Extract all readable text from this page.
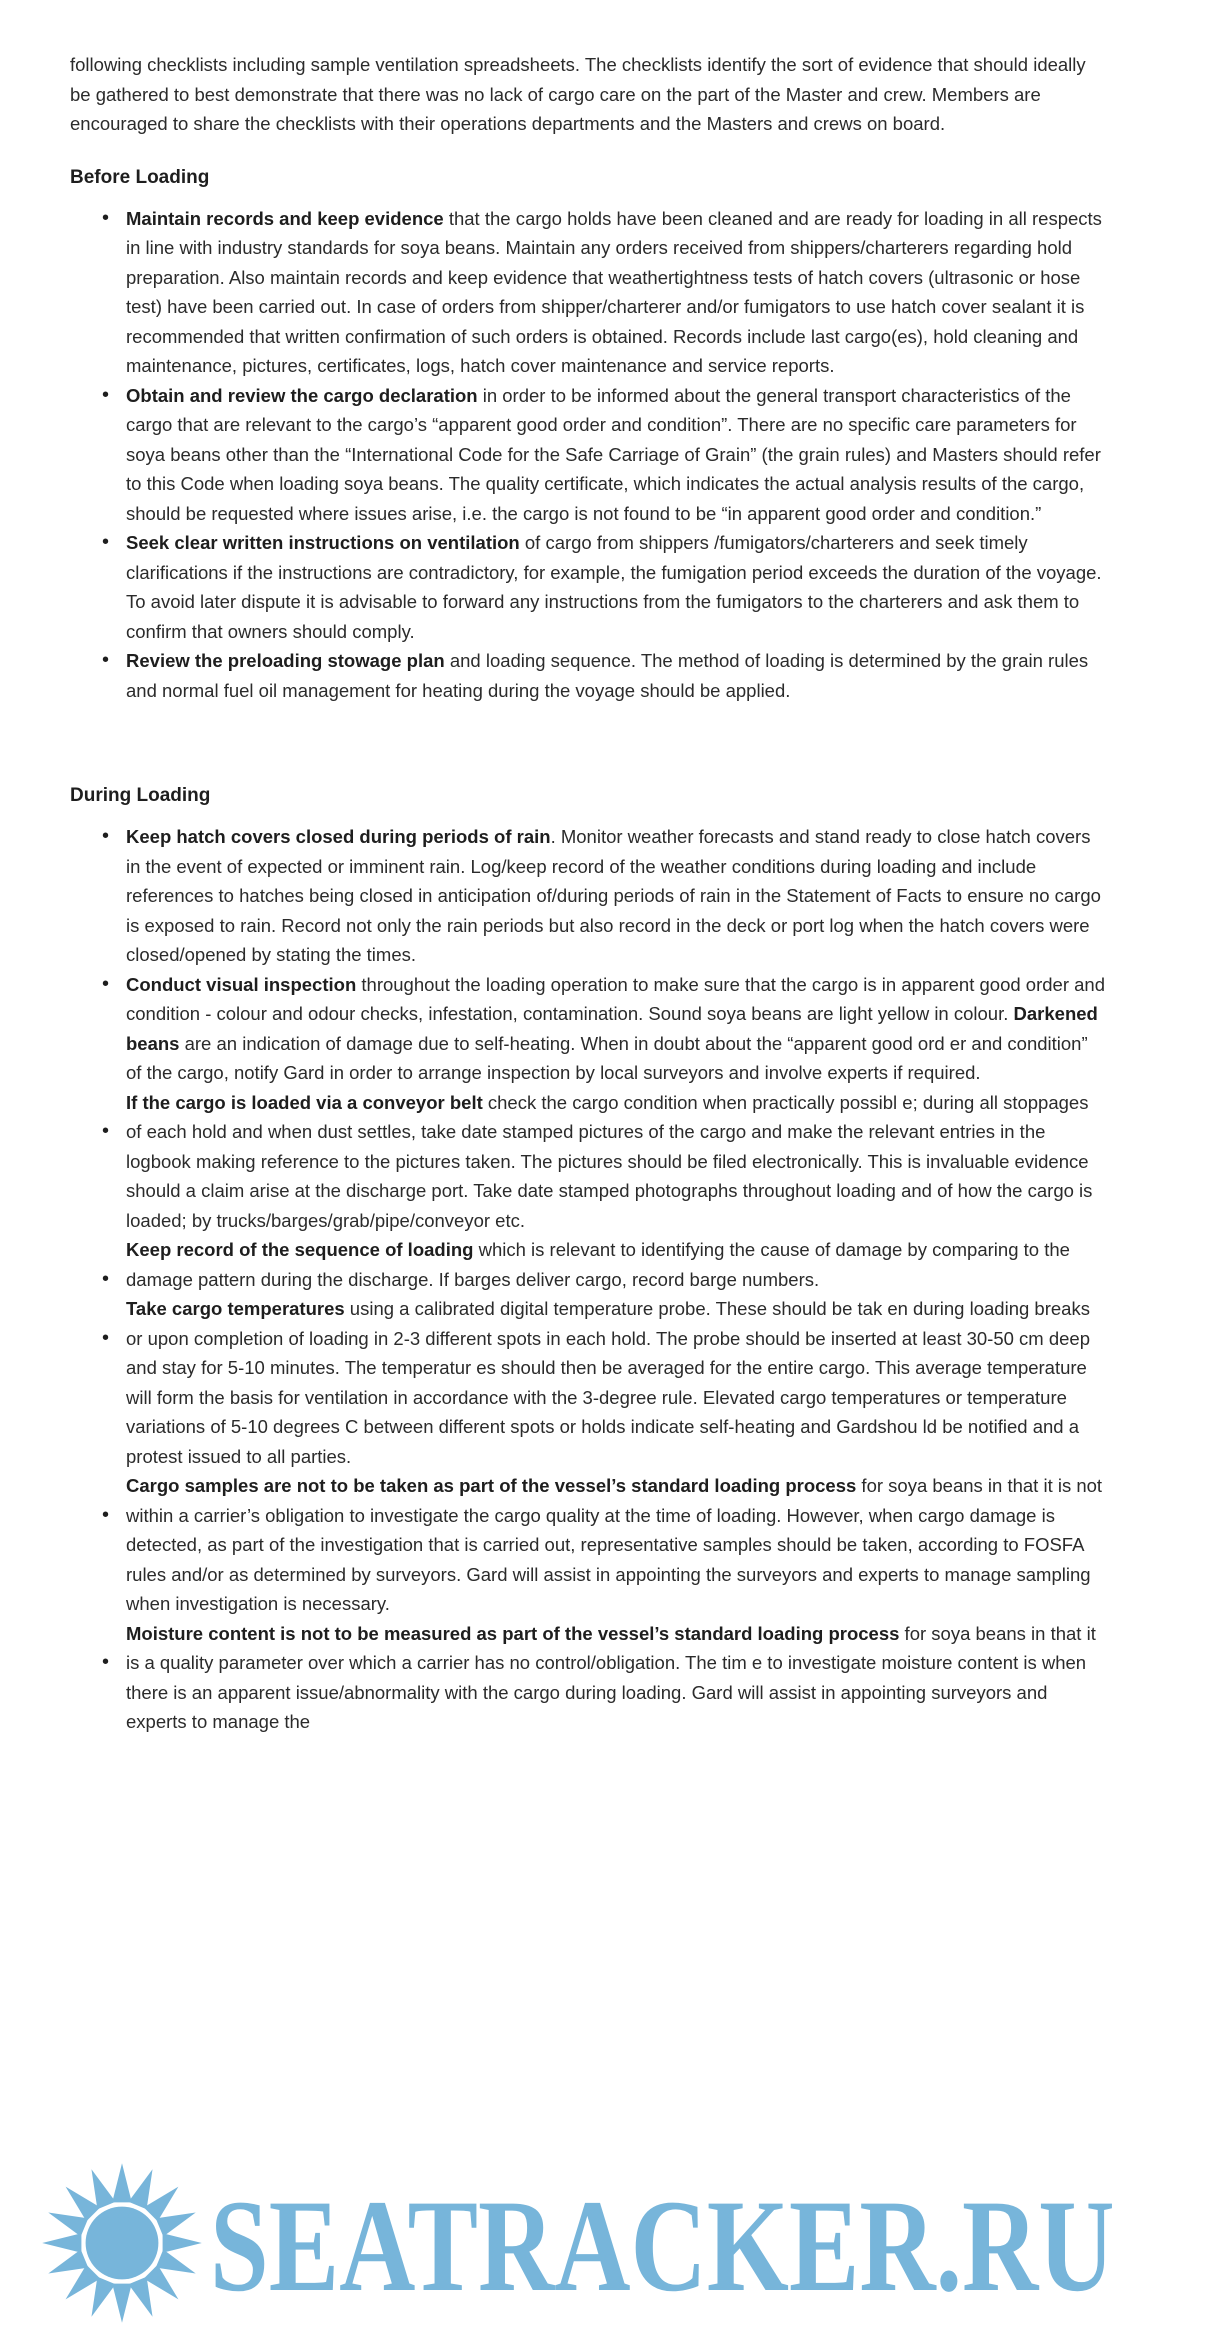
following checklists including sample ventilation spreadsheets. The checklists identify the sort of evidence that should ideally be gathered to best demonstrate that there was no lack of cargo care on the part of the Master and crew. Members are encouraged to share the checklists with their operations departments and the Masters and crews on board.

Before Loading
• Maintain records and keep evidence that the cargo holds have been cleaned and are ready for loading in all respects in line with industry standards for soya beans. Maintain any orders received from shippers/charterers regarding hold preparation. Also maintain records and keep evidence that weathertightness tests of hatch covers (ultrasonic or hose test) have been carried out. In case of orders from shipper/charterer and/or fumigators to use hatch cover sealant it is recommended that written confirmation of such orders is obtained. Records include last cargo(es), hold cleaning and maintenance, pictures, certificates, logs, hatch cover maintenance and service reports.
• Obtain and review the cargo declaration in order to be informed about the general transport characteristics of the cargo that are relevant to the cargo’s “apparent good order and condition”. There are no specific care parameters for soya beans other than the “International Code for the Safe Carriage of Grain” (the grain rules) and Masters should refer to this Code when loading soya beans. The quality certificate, which indicates the actual analysis results of the cargo, should be requested where issues arise, i.e. the cargo is not found to be “in apparent good order and condition.”
• Seek clear written instructions on ventilation of cargo from shippers /fumigators/charterers and seek timely clarifications if the instructions are contradictory, for example, the fumigation period exceeds the duration of the voyage. To avoid later dispute it is advisable to forward any instructions from the fumigators to the charterers and ask them to confirm that owners should comply.
• Review the preloading stowage plan and loading sequence. The method of loading is determined by the grain rules and normal fuel oil management for heating during the voyage should be applied.
During Loading
• Keep hatch covers closed during periods of rain. Monitor weather forecasts and stand ready to close hatch covers in the event of expected or imminent rain. Log/keep record of the weather conditions during loading and include references to hatches being closed in anticipation of/during periods of rain in the Statement of Facts to ensure no cargo is exposed to rain. Record not only the rain periods but also record in the deck or port log when the hatch covers were closed/opened by stating the times.
• Conduct visual inspection throughout the loading operation to make sure that the cargo is in apparent good order and condition - colour and odour checks, infestation, contamination. Sound soya beans are light yellow in colour. Darkened beans are an indication of damage due to self-heating. When in doubt about the “apparent good ord er and condition” of the cargo, notify Gard in order to arrange inspection by local surveyors and involve experts if required.
• If the cargo is loaded via a conveyor belt check the cargo condition when practically possibl e; during all stoppages of each hold and when dust settles, take date stamped pictures of the cargo and make the relevant entries in the logbook making reference to the pictures taken. The pictures should be filed electronically. This is invaluable evidence should a claim arise at the discharge port. Take date stamped photographs throughout loading and of how the cargo is loaded; by trucks/barges/grab/pipe/conveyor etc.
• Keep record of the sequence of loading which is relevant to identifying the cause of damage by comparing to the damage pattern during the discharge. If barges deliver cargo, record barge numbers.
• Take cargo temperatures using a calibrated digital temperature probe. These should be tak en during loading breaks or upon completion of loading in 2-3 different spots in each hold. The probe should be inserted at least 30-50 cm deep and stay for 5-10 minutes. The temperatur es should then be averaged for the entire cargo. This average temperature will form the basis for ventilation in accordance with the 3-degree rule. Elevated cargo temperatures or temperature variations of 5-10 degrees C between different spots or holds indicate self-heating and Gardshou ld be notified and a protest issued to all parties.
• Cargo samples are not to be taken as part of the vessel’s standard loading process for soya beans in that it is not within a carrier’s obligation to investigate the cargo quality at the time of loading. However, when cargo damage is detected, as part of the investigation that is carried out, representative samples should be taken, according to FOSFA rules and/or as determined by surveyors. Gard will assist in appointing the surveyors and experts to manage sampling when investigation is necessary.
• Moisture content is not to be measured as part of the vessel’s standard loading process for soya beans in that it is a quality parameter over which a carrier has no control/obligation. The tim e to investigate moisture content is when there is an apparent issue/abnormality with the cargo during loading. Gard will assist in appointing surveyors and experts to manage the
SEATRACKER.RU
